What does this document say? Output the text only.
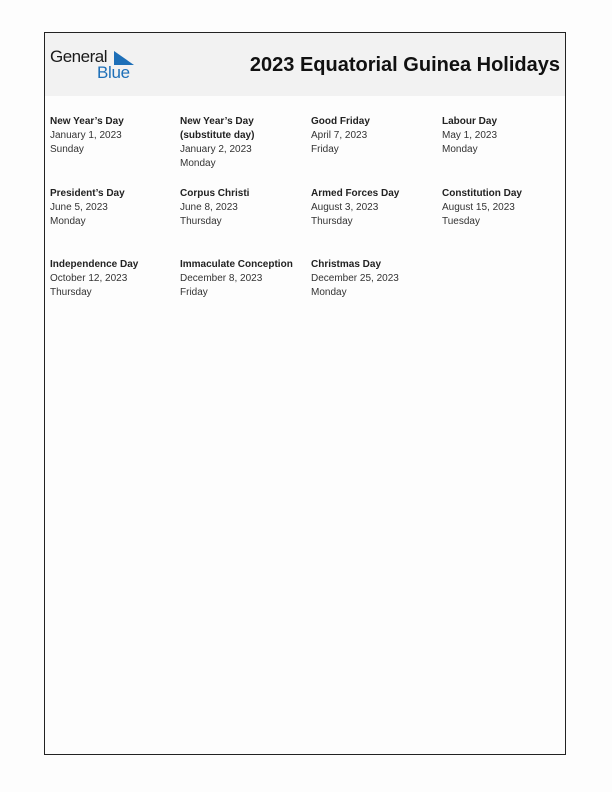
General
Blue	2023 Equatorial Guinea Holidays
New Year’s Day
January 1, 2023
Sunday
New Year’s Day (substitute day)
January 2, 2023
Monday
Good Friday
April 7, 2023
Friday
Labour Day
May 1, 2023
Monday
President’s Day
June 5, 2023
Monday
Corpus Christi
June 8, 2023
Thursday
Armed Forces Day
August 3, 2023
Thursday
Constitution Day
August 15, 2023
Tuesday
Independence Day
October 12, 2023
Thursday
Immaculate Conception
December 8, 2023
Friday
Christmas Day
December 25, 2023
Monday
